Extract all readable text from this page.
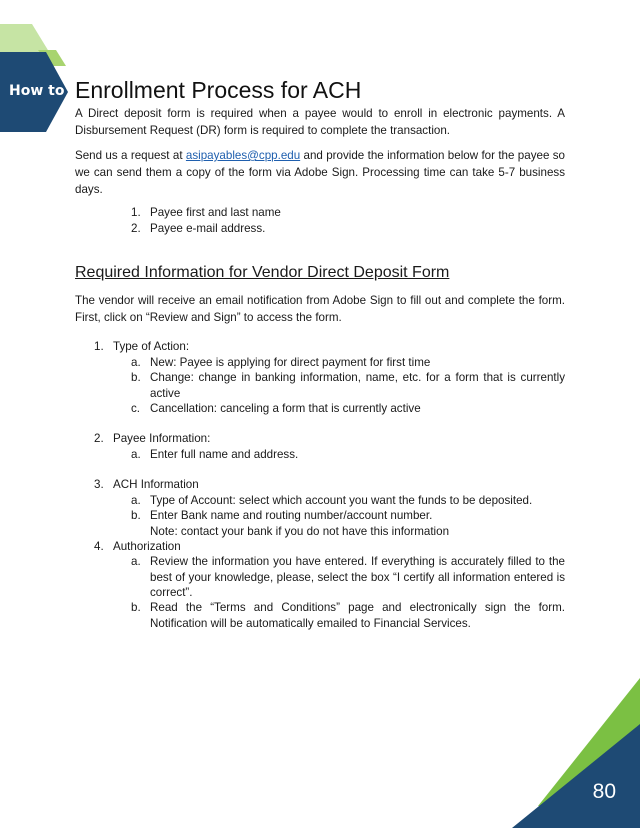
How to Enrollment Process for ACH

A Direct deposit form is required when a payee would to enroll in electronic payments. A Disbursement Request (DR) form is required to complete the transaction.

Send us a request at asipayables@cpp.edu and provide the information below for the payee so we can send them a copy of the form via Adobe Sign. Processing time can take 5-7 business days.

1. Payee first and last name

2. Payee e-mail address.

Required Information for Vendor Direct Deposit Form

The vendor will receive an email notification from Adobe Sign to fill out and complete the form. First, click on “Review and Sign” to access the form.

1. Type of Action:

a. New: Payee is applying for direct payment for first time

b. Change: change in banking information, name, etc. for a form that is currently active

c. Cancellation: canceling a form that is currently active

2. Payee Information:

a. Enter full name and address.

3. ACH Information

a. Type of Account: select which account you want the funds to be deposited.

b. Enter Bank name and routing number/account number.
Note: contact your bank if you do not have this information

4. Authorization

a. Review the information you have entered. If everything is accurately filled to the best of your knowledge, please, select the box “I certify all information entered is correct”.

b. Read the “Terms and Conditions” page and electronically sign the form. Notification will be automatically emailed to Financial Services.

80
